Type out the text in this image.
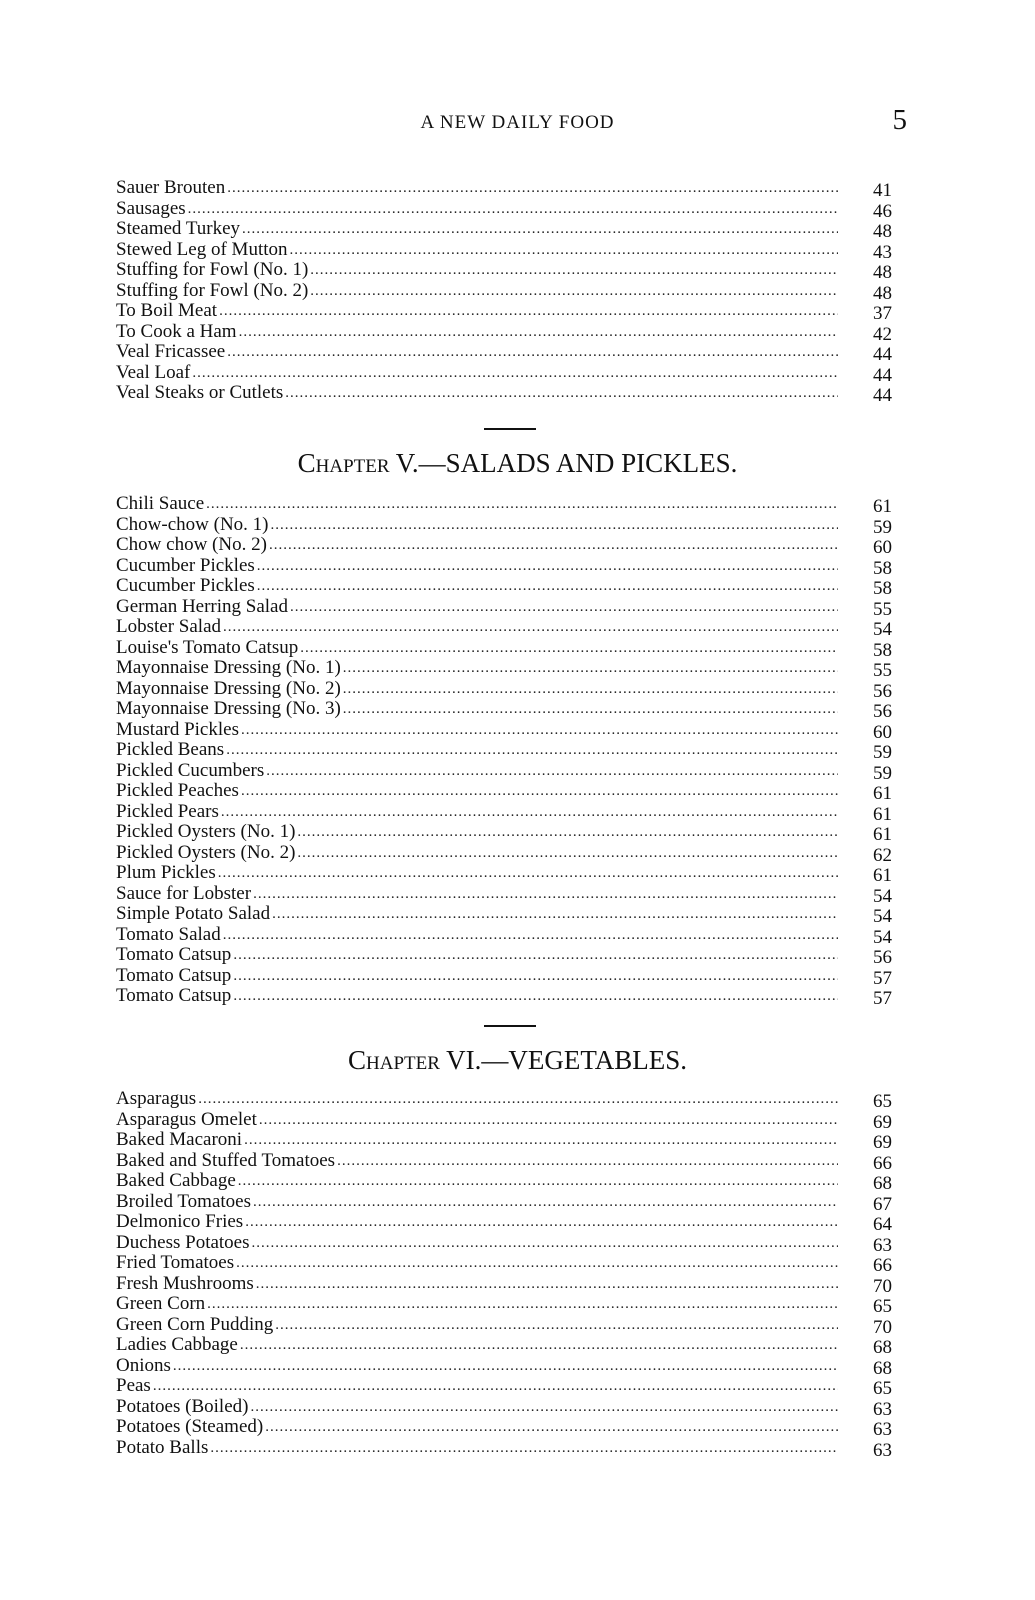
A NEW DAILY FOOD	5
Sauer Brouten .....	41
Sausages .....	46
Steamed Turkey .....	48
Stewed Leg of Mutton .....	43
Stuffing for Fowl (No. 1) .....	48
Stuffing for Fowl (No. 2) .....	48
To Boil Meat .....	37
To Cook a Ham .....	42
Veal Fricassee .....	44
Veal Loaf .....	44
Veal Steaks or Cutlets .....	44
Chapter V.—SALADS AND PICKLES.
Chili Sauce .....	61
Chow-chow (No. 1) .....	59
Chow chow (No. 2) .....	60
Cucumber Pickles .....	58
Cucumber Pickles .....	58
German Herring Salad .....	55
Lobster Salad .....	54
Louise's Tomato Catsup .....	58
Mayonnaise Dressing (No. 1) .....	55
Mayonnaise Dressing (No. 2) .....	56
Mayonnaise Dressing (No. 3) .....	56
Mustard Pickles .....	60
Pickled Beans .....	59
Pickled Cucumbers .....	59
Pickled Peaches .....	61
Pickled Pears .....	61
Pickled Oysters (No. 1) .....	61
Pickled Oysters (No. 2) .....	62
Plum Pickles .....	61
Sauce for Lobster .....	54
Simple Potato Salad .....	54
Tomato Salad .....	54
Tomato Catsup .....	56
Tomato Catsup .....	57
Tomato Catsup .....	57
Chapter VI.—VEGETABLES.
Asparagus .....	65
Asparagus Omelet .....	69
Baked Macaroni .....	69
Baked and Stuffed Tomatoes .....	66
Baked Cabbage .....	68
Broiled Tomatoes .....	67
Delmonico Fries .....	64
Duchess Potatoes .....	63
Fried Tomatoes .....	66
Fresh Mushrooms .....	70
Green Corn .....	65
Green Corn Pudding .....	70
Ladies Cabbage .....	68
Onions .....	68
Peas .....	65
Potatoes (Boiled) .....	63
Potatoes (Steamed) .....	63
Potato Balls .....	63
